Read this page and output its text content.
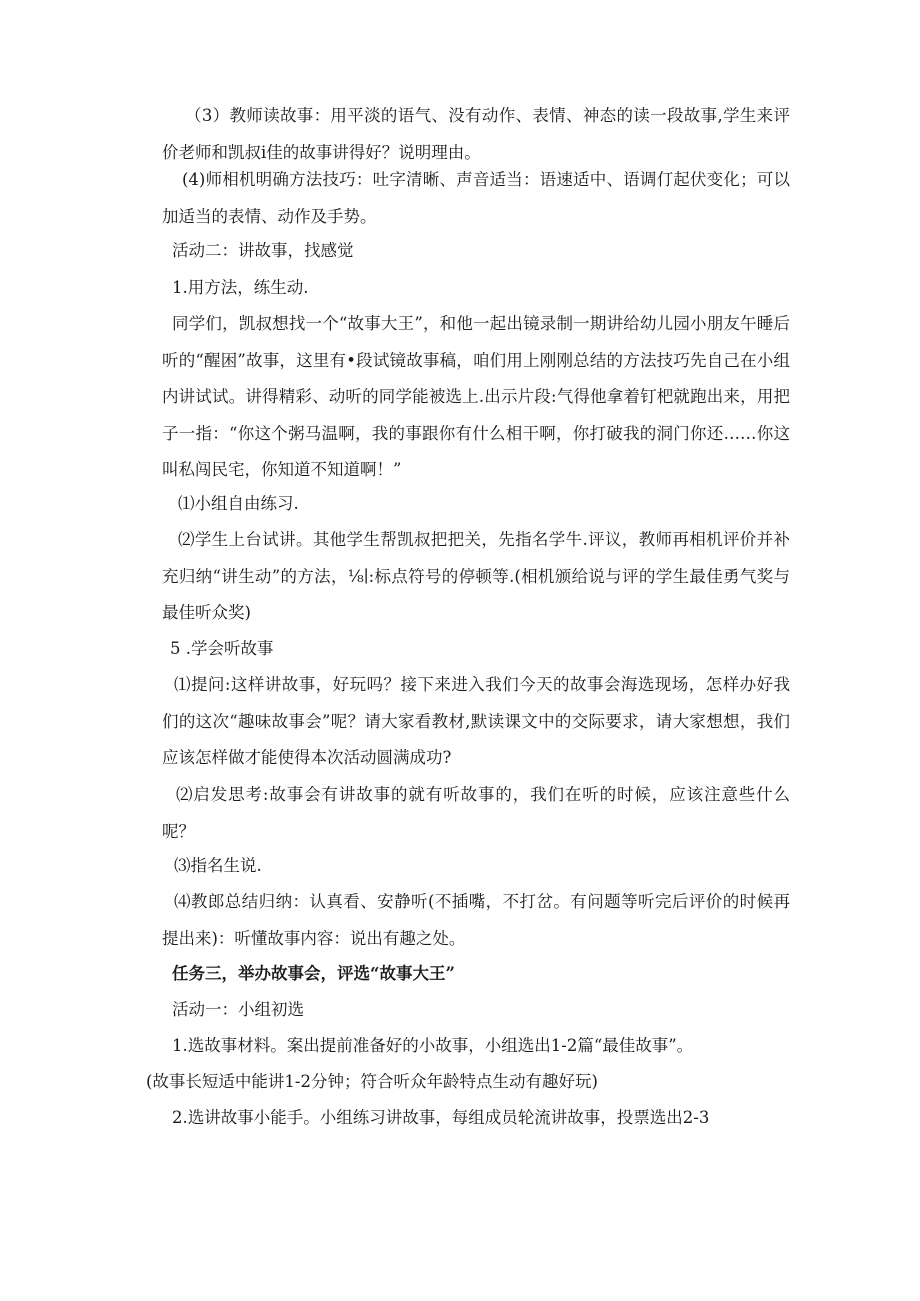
（3）教师读故事：用平淡的语气、没有动作、表情、神态的读一段故事,学生来评价老师和凯叔i佳的故事讲得好？说明理由。

(4)师相机明确方法技巧：吐字清晰、声音适当：语速适中、语调仃起伏变化；可以加适当的表情、动作及手势。

活动二：讲故事，找感觉

1.用方法，练生动.

同学们，凯叔想找一个“故事大王”，和他一起出镜录制一期讲给幼儿园小朋友午睡后听的“醒困”故事，这里有•段试镜故事稿，咱们用上刚刚总结的方法技巧先自己在小组内讲试试。讲得精彩、动听的同学能被选上.出示片段:气得他拿着钉杷就跑出来，用把子一指：“你这个粥马温啊，我的事跟你有什么相干啊，你打破我的洞门你还……你这叫私闯民宅，你知道不知道啊！”

⑴小组自由练习.

⑵学生上台试讲。其他学生帮凯叔把把关，先指名学牛.评议，教师再相机评价并补充归纳“讲生动”的方法，⅛∣:标点符号的停顿等.(相机颁给说与评的学生最佳勇气奖与最佳听众奖)

5 .学会听故事

⑴提问:这样讲故事，好玩吗？接下来进入我们今天的故事会海选现场，怎样办好我们的这次“趣味故事会”呢？请大家看教材,默读课文中的交际要求，请大家想想，我们应该怎样做才能使得本次活动圆满成功?

⑵启发思考:故事会有讲故事的就有听故事的，我们在听的时候，应该注意些什么呢？

⑶指名生说.

⑷教郎总结归纳：认真看、安静听(不插嘴，不打岔。有问题等听完后评价的时候再提出来)：听懂故事内容：说出有趣之处。

任务三，举办故事会，评选“故事大王”

活动一：小组初选

1.选故事材料。案出提前准备好的小故事，小组选出1-2篇“最佳故事”。

(故事长短适中能讲1-2分钟；符合听众年龄特点生动有趣好玩)

2.选讲故事小能手。小组练习讲故事，每组成员轮流讲故事，投票选出2-3
